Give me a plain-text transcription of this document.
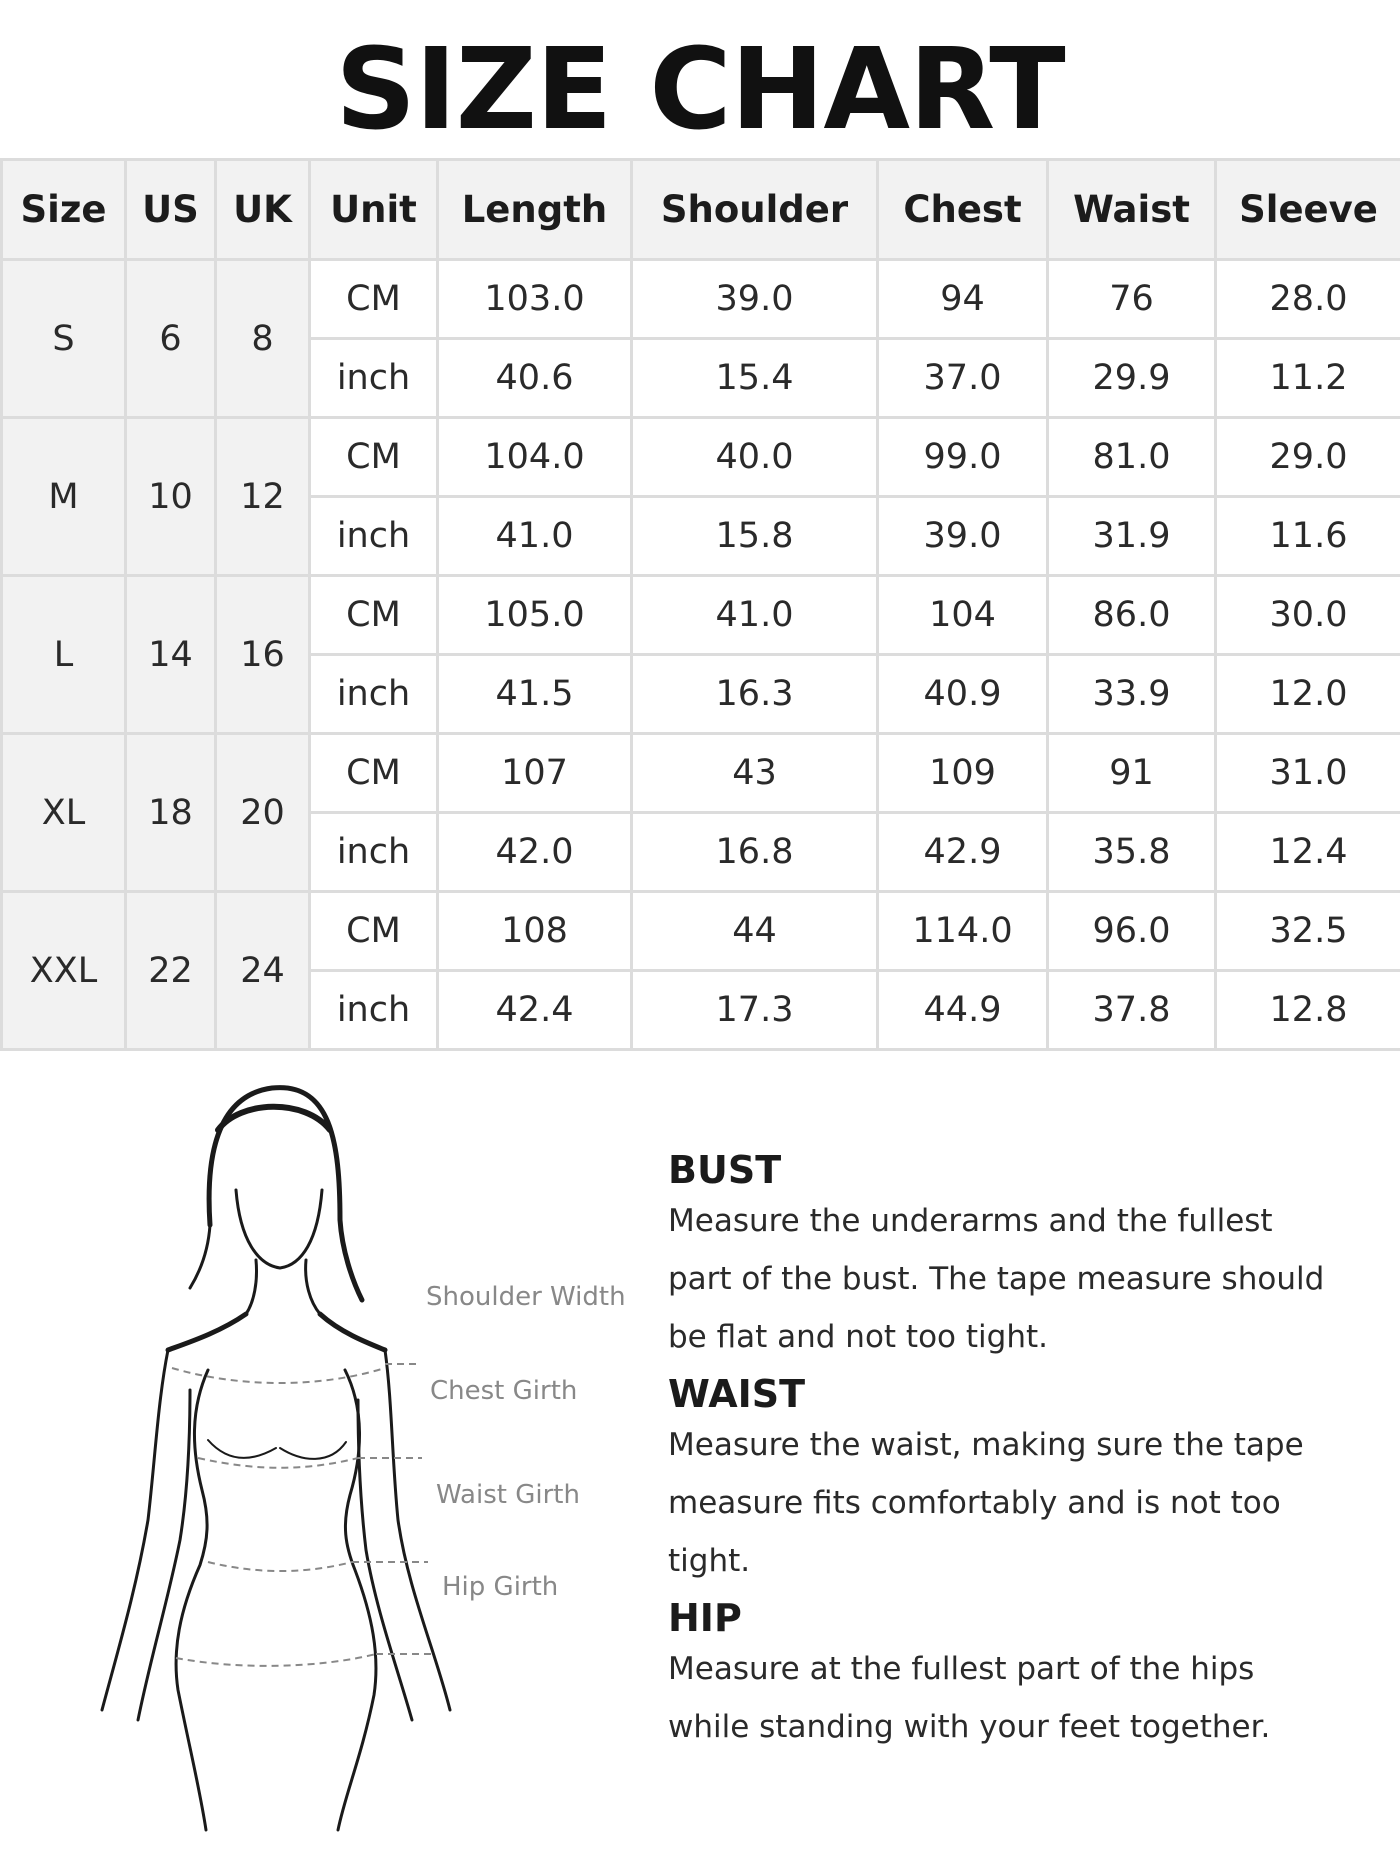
SIZE CHART
Size	US	UK	Unit	Length	Shoulder	Chest	Waist	Sleeve
S	6	8	CM	103.0	39.0	94	76	28.0
			inch	40.6	15.4	37.0	29.9	11.2
M	10	12	CM	104.0	40.0	99.0	81.0	29.0
			inch	41.0	15.8	39.0	31.9	11.6
L	14	16	CM	105.0	41.0	104	86.0	30.0
			inch	41.5	16.3	40.9	33.9	12.0
XL	18	20	CM	107	43	109	91	31.0
			inch	42.0	16.8	42.9	35.8	12.4
XXL	22	24	CM	108	44	114.0	96.0	32.5
			inch	42.4	17.3	44.9	37.8	12.8
Shoulder Width
Chest Girth
Waist Girth
Hip Girth

BUST

Measure the underarms and the fullest
part of the bust. The tape measure should
be flat and not too tight.

WAIST

Measure the waist, making sure the tape
measure fits comfortably and is not too
tight.

HIP

Measure at the fullest part of the hips
while standing with your feet together.
